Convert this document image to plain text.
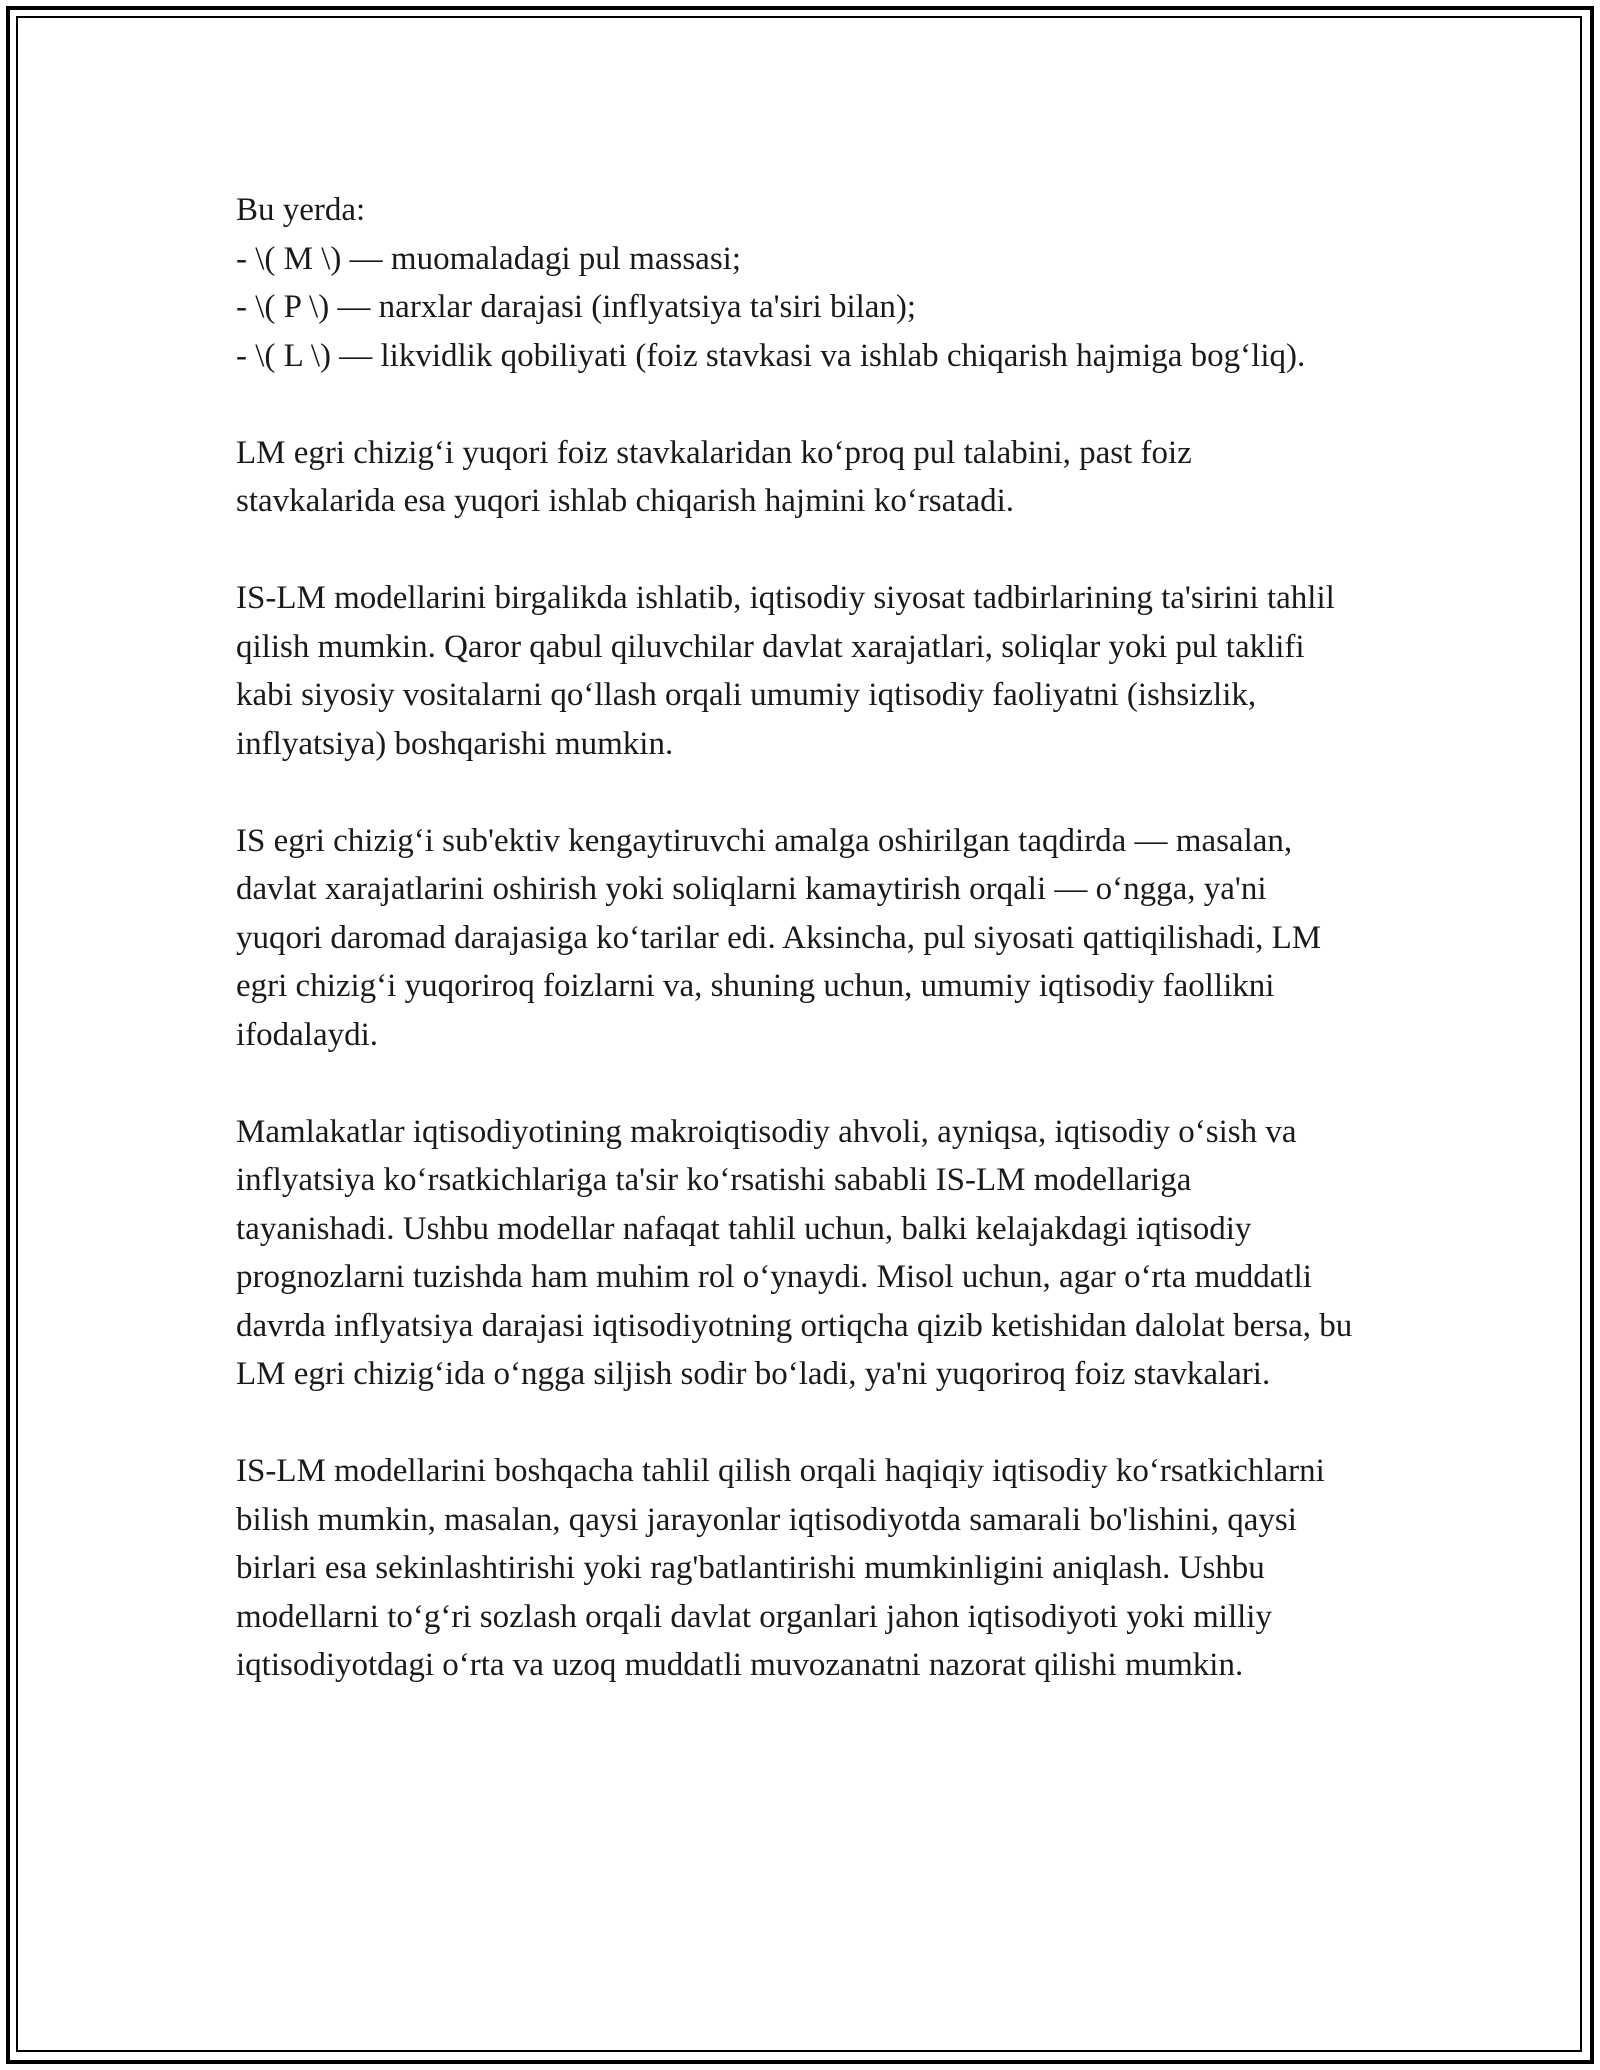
Bu yerda:
- \( M \) — muomaladagi pul massasi;
- \( P \) — narxlar darajasi (inflyatsiya ta'siri bilan);
- \( L \) — likvidlik qobiliyati (foiz stavkasi va ishlab chiqarish hajmiga bog‘liq).

LM egri chizig‘i yuqori foiz stavkalaridan ko‘proq pul talabini, past foiz stavkalarida esa yuqori ishlab chiqarish hajmini ko‘rsatadi.

IS-LM modellarini birgalikda ishlatib, iqtisodiy siyosat tadbirlarining ta'sirini tahlil qilish mumkin. Qaror qabul qiluvchilar davlat xarajatlari, soliqlar yoki pul taklifi kabi siyosiy vositalarni qo‘llash orqali umumiy iqtisodiy faoliyatni (ishsizlik, inflyatsiya) boshqarishi mumkin.

IS egri chizig‘i sub'ektiv kengaytiruvchi amalga oshirilgan taqdirda — masalan, davlat xarajatlarini oshirish yoki soliqlarni kamaytirish orqali — o‘ngga, ya'ni yuqori daromad darajasiga ko‘tarilar edi. Aksincha, pul siyosati qattiqilishadi, LM egri chizig‘i yuqoriroq foizlarni va, shuning uchun, umumiy iqtisodiy faollikni ifodalaydi.

Mamlakatlar iqtisodiyotining makroiqtisodiy ahvoli, ayniqsa, iqtisodiy o‘sish va inflyatsiya ko‘rsatkichlariga ta'sir ko‘rsatishi sababli IS-LM modellariga tayanishadi. Ushbu modellar nafaqat tahlil uchun, balki kelajakdagi iqtisodiy prognozlarni tuzishda ham muhim rol o‘ynaydi. Misol uchun, agar o‘rta muddatli davrda inflyatsiya darajasi iqtisodiyotning ortiqcha qizib ketishidan dalolat bersa, bu LM egri chizig‘ida o‘ngga siljish sodir bo‘ladi, ya'ni yuqoriroq foiz stavkalari.

IS-LM modellarini boshqacha tahlil qilish orqali haqiqiy iqtisodiy ko‘rsatkichlarni bilish mumkin, masalan, qaysi jarayonlar iqtisodiyotda samarali bo'lishini, qaysi birlari esa sekinlashtirishi yoki rag'batlantirishi mumkinligini aniqlash. Ushbu modellarni to‘g‘ri sozlash orqali davlat organlari jahon iqtisodiyoti yoki milliy iqtisodiyotdagi o‘rta va uzoq muddatli muvozanatni nazorat qilishi mumkin.
